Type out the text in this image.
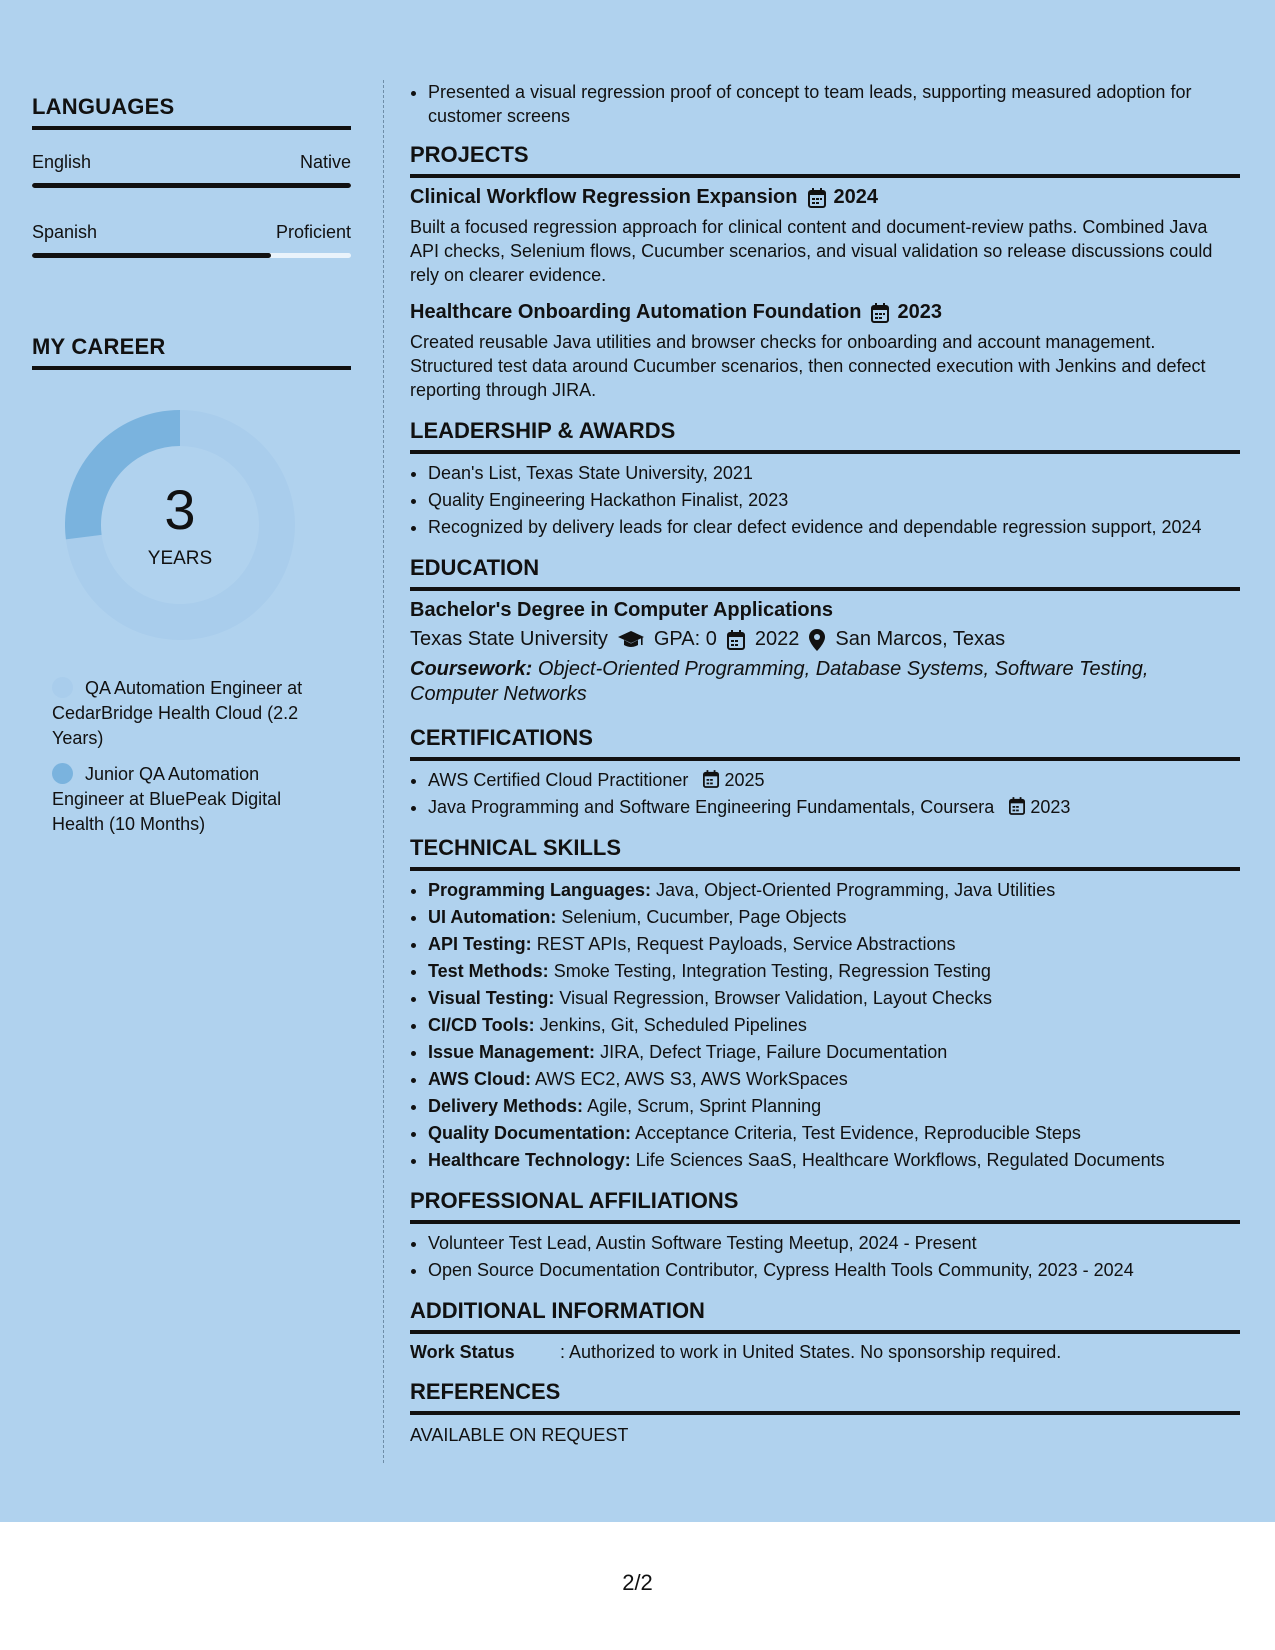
LANGUAGES
English	Native
Spanish	Proficient
MY CAREER
3
YEARS
QA Automation Engineer at CedarBridge Health Cloud (2.2 Years)
Junior QA Automation Engineer at BluePeak Digital Health (10 Months)
• Presented a visual regression proof of concept to team leads, supporting measured adoption for customer screens
PROJECTS
Clinical Workflow Regression Expansion 2024
Built a focused regression approach for clinical content and document-review paths. Combined Java API checks, Selenium flows, Cucumber scenarios, and visual validation so release discussions could rely on clearer evidence.
Healthcare Onboarding Automation Foundation 2023
Created reusable Java utilities and browser checks for onboarding and account management. Structured test data around Cucumber scenarios, then connected execution with Jenkins and defect reporting through JIRA.
LEADERSHIP & AWARDS
• Dean's List, Texas State University, 2021
• Quality Engineering Hackathon Finalist, 2023
• Recognized by delivery leads for clear defect evidence and dependable regression support, 2024
EDUCATION
Bachelor's Degree in Computer Applications
Texas State University GPA: 0 2022 San Marcos, Texas
Coursework: Object-Oriented Programming, Database Systems, Software Testing, Computer Networks
CERTIFICATIONS
• AWS Certified Cloud Practitioner 2025
• Java Programming and Software Engineering Fundamentals, Coursera 2023
TECHNICAL SKILLS
• Programming Languages: Java, Object-Oriented Programming, Java Utilities
• UI Automation: Selenium, Cucumber, Page Objects
• API Testing: REST APIs, Request Payloads, Service Abstractions
• Test Methods: Smoke Testing, Integration Testing, Regression Testing
• Visual Testing: Visual Regression, Browser Validation, Layout Checks
• CI/CD Tools: Jenkins, Git, Scheduled Pipelines
• Issue Management: JIRA, Defect Triage, Failure Documentation
• AWS Cloud: AWS EC2, AWS S3, AWS WorkSpaces
• Delivery Methods: Agile, Scrum, Sprint Planning
• Quality Documentation: Acceptance Criteria, Test Evidence, Reproducible Steps
• Healthcare Technology: Life Sciences SaaS, Healthcare Workflows, Regulated Documents
PROFESSIONAL AFFILIATIONS
• Volunteer Test Lead, Austin Software Testing Meetup, 2024 - Present
• Open Source Documentation Contributor, Cypress Health Tools Community, 2023 - 2024
ADDITIONAL INFORMATION
Work Status	: Authorized to work in United States. No sponsorship required.
REFERENCES
AVAILABLE ON REQUEST
2/2
